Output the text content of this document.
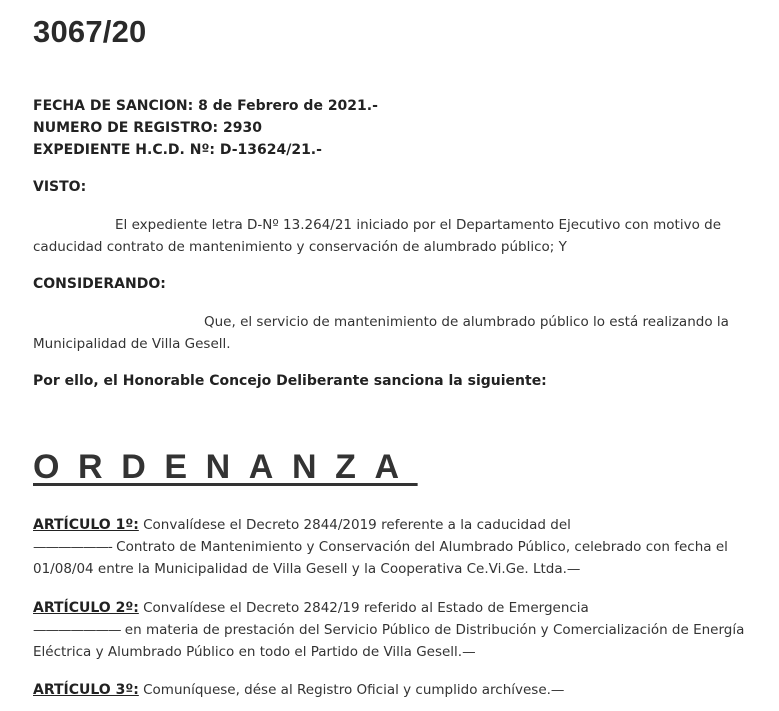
3067/20
FECHA DE SANCION: 8 de Febrero de 2021.-
NUMERO DE REGISTRO: 2930
EXPEDIENTE H.C.D. Nº: D-13624/21.-
VISTO:
El expediente letra D-Nº 13.264/21 iniciado por el Departamento Ejecutivo con motivo de
caducidad contrato de mantenimiento y conservación de alumbrado público; Y
CONSIDERANDO:
Que, el servicio de mantenimiento de alumbrado público lo está realizando la
Municipalidad de Villa Gesell.
Por ello, el Honorable Concejo Deliberante sanciona la siguiente:
ORDENANZA
ARTÍCULO 1º: Convalídese el Decreto 2844/2019 referente a la caducidad del
——————- Contrato de Mantenimiento y Conservación del Alumbrado Público, celebrado con fecha el
01/08/04 entre la Municipalidad de Villa Gesell y la Cooperativa Ce.Vi.Ge. Ltda.—
ARTÍCULO 2º: Convalídese el Decreto 2842/19 referido al Estado de Emergencia
——————— en materia de prestación del Servicio Público de Distribución y Comercialización de Energía
Eléctrica y Alumbrado Público en todo el Partido de Villa Gesell.—
ARTÍCULO 3º: Comuníquese, dése al Registro Oficial y cumplido archívese.—
